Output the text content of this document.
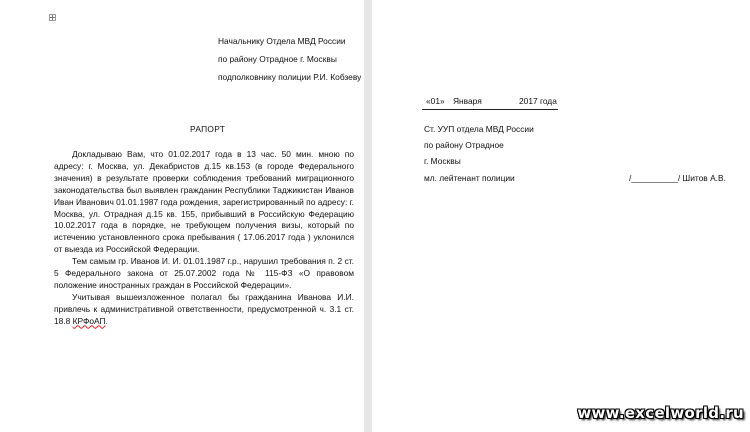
Начальнику Отдела МВД России
по району Отрадное г. Москвы
подполковнику полиции Р.И. Кобзеву
РАПОРТ

Докладываю Вам, что 01.02.2017 года в 13 час. 50 мин. мною по адресу: г. Москва, ул. Декабристов д.15 кв.153 (в городе Федерального значения) в результате проверки соблюдения требований миграционного законодательства был выявлен гражданин Республики Таджикистан Иванов Иван Иванович 01.01.1987 года рождения, зарегистрированный по адресу: г. Москва, ул. Отрадная д.15 кв. 155, прибывший в Российскую Федерацию 10.02.2017 года в порядке, не требующем получения визы, который по истечению установленного срока пребывания ( 17.06.2017 года ) уклонился от выезда из Российской Федерации.

Тем самым гр. Иванов И. И. 01.01.1987 г.р., нарушил требования п. 2 ст. 5 Федерального закона от 25.07.2002 года № 115-ФЗ «О правовом положение иностранных граждан в Российской Федерации».

Учитывая вышеизложенное полагал бы гражданина Иванова И.И. привлечь к административной ответственности, предусмотренной ч. 3.1 ст. 18.8 КРФоАП.

«01» Января	2017 года
Ст. УУП отдела МВД России
по району Отрадное
г. Москвы
мл. лейтенант полиции	/__________/ Шитов А.В.
www.excelworld.ru
